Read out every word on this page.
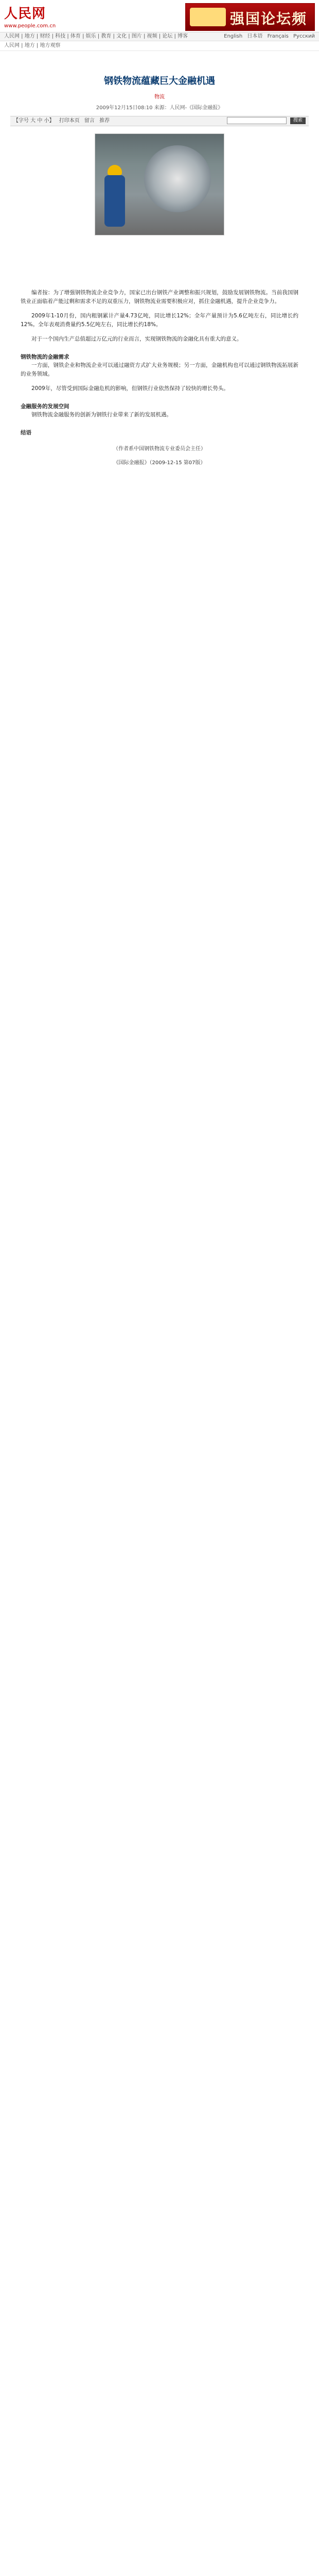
人民网
www.people.com.cn	强国论坛频
人民网 | 地方 | 财经 | 科技 | 体育 | 娱乐 | 教育 | 文化 | 图片 | 视频 | 论坛 | 博客	English 日本语 Français Русский
人民网 | 地方 | 地方观察
钢铁物流蕴藏巨大金融机遇
物流
2009年12月15日08:10 来源：人民网-《国际金融报》
【字号 大 中 小】 打印本页 留言 推荐	搜索

编者按：为了增强钢铁物流企业竞争力，国家已出台钢铁产业调整和振兴规划，鼓励发展钢铁物流。当前我国钢铁业正面临着产能过剩和需求不足的双重压力，钢铁物流业需要积极应对，抓住金融机遇，提升企业竞争力。

2009年1-10月份，国内粗钢累计产量4.73亿吨，同比增长12%；全年产量预计为5.6亿吨左右，同比增长约12%。全年表观消费量约5.5亿吨左右，同比增长约18%。

对于一个国内生产总值超过万亿元的行业而言，实现钢铁物流的金融化具有重大的意义。

钢铁物流的金融需求

一方面，钢铁企业和物流企业可以通过融资方式扩大业务规模；另一方面，金融机构也可以通过钢铁物流拓展新的业务领域。

2009年，尽管受到国际金融危机的影响，但钢铁行业依然保持了较快的增长势头。

金融服务的发展空间

钢铁物流金融服务的创新为钢铁行业带来了新的发展机遇。

结语
（作者系中国钢铁物流专业委员会主任）
《国际金融报》（2009-12-15 第07版）
